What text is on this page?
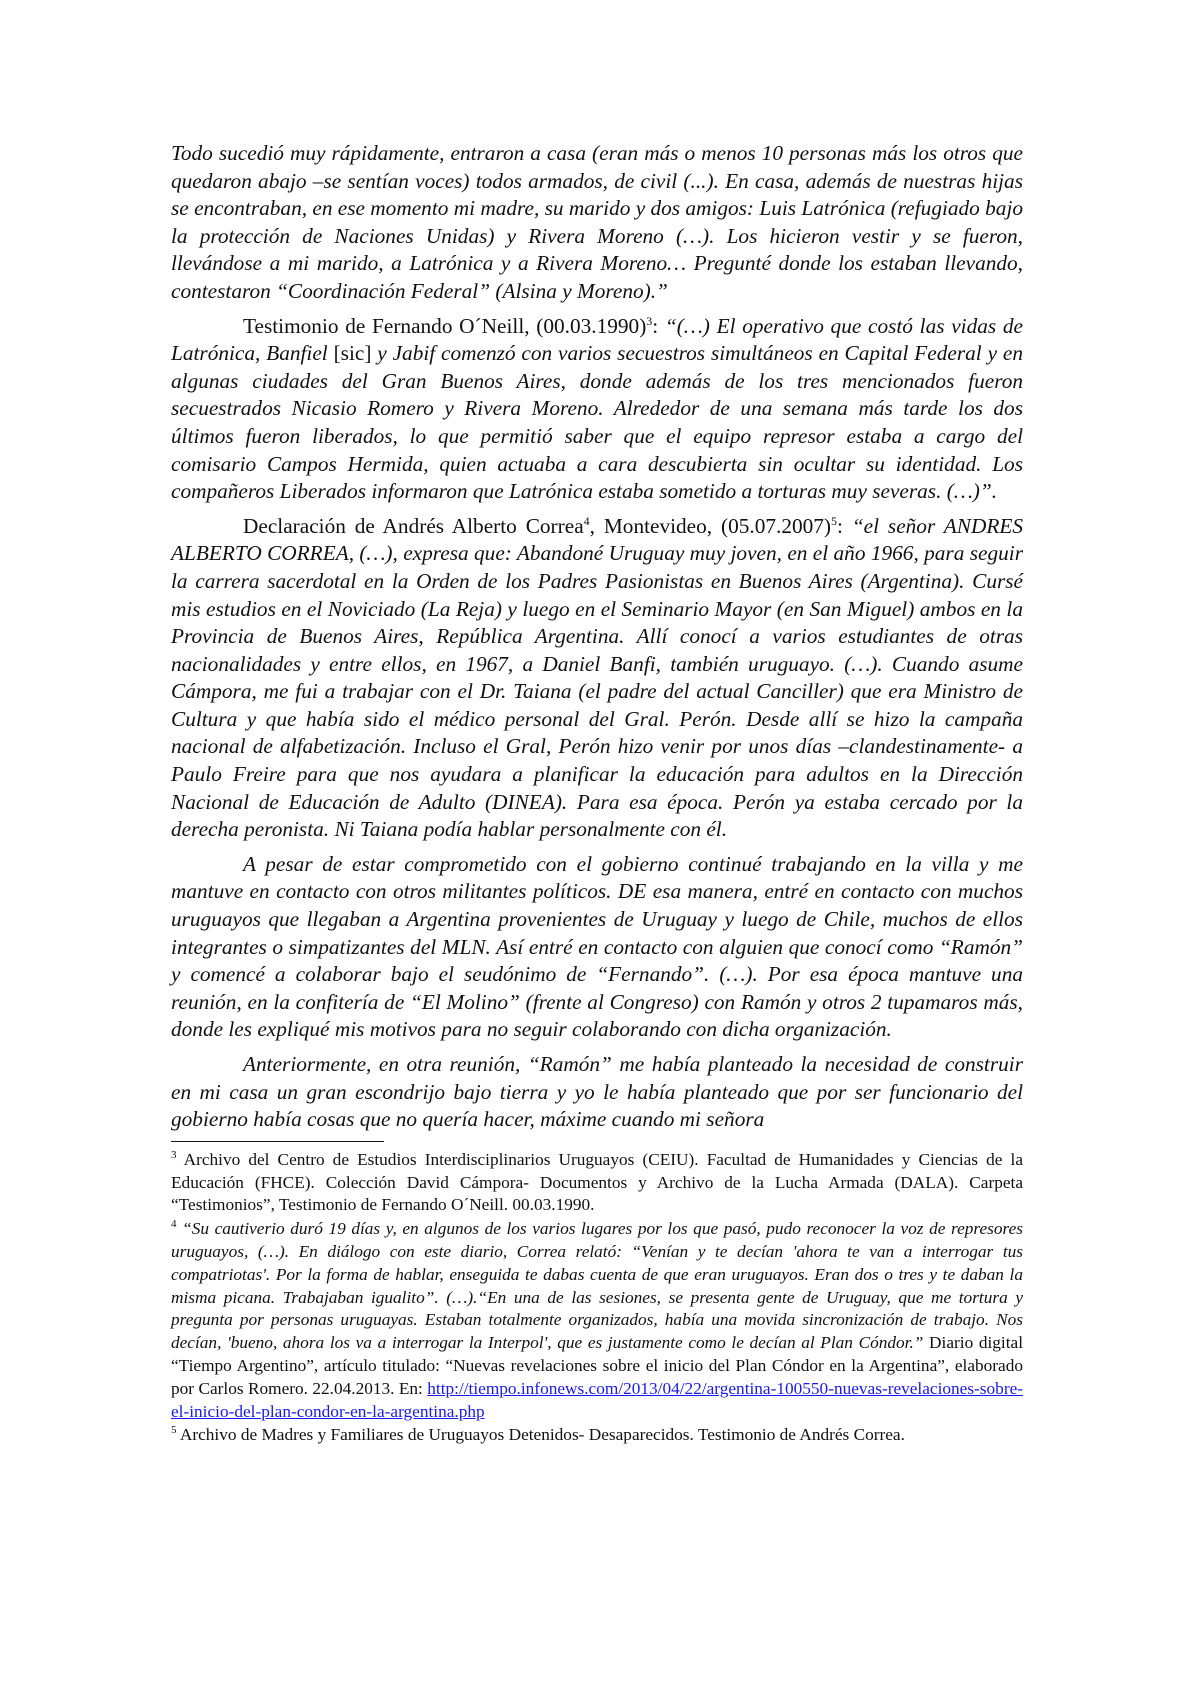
Todo sucedió muy rápidamente, entraron a casa (eran más o menos 10 personas más los otros que quedaron abajo –se sentían voces) todos armados, de civil (...). En casa, además de nuestras hijas se encontraban, en ese momento mi madre, su marido y dos amigos: Luis Latrónica (refugiado bajo la protección de Naciones Unidas) y Rivera Moreno (…). Los hicieron vestir y se fueron, llevándose a mi marido, a Latrónica y a Rivera Moreno… Pregunté donde los estaban llevando, contestaron “Coordinación Federal” (Alsina y Moreno).”

Testimonio de Fernando O´Neill, $(00.03.1990)^3$: “(…) El operativo que costó las vidas de Latrónica, Banfiel [sic] y Jabif comenzó con varios secuestros simultáneos en Capital Federal y en algunas ciudades del Gran Buenos Aires, donde además de los tres mencionados fueron secuestrados Nicasio Romero y Rivera Moreno. Alrededor de una semana más tarde los dos últimos fueron liberados, lo que permitió saber que el equipo represor estaba a cargo del comisario Campos Hermida, quien actuaba a cara descubierta sin ocultar su identidad. Los compañeros Liberados informaron que Latrónica estaba sometido a torturas muy severas. (…)”.

Declaración de Andrés Alberto Correa$^4$, Montevideo, $(05.07.2007)^5$: “el señor ANDRES ALBERTO CORREA, (…), expresa que: Abandoné Uruguay muy joven, en el año 1966, para seguir la carrera sacerdotal en la Orden de los Padres Pasionistas en Buenos Aires (Argentina). Cursé mis estudios en el Noviciado (La Reja) y luego en el Seminario Mayor (en San Miguel) ambos en la Provincia de Buenos Aires, República Argentina. Allí conocí a varios estudiantes de otras nacionalidades y entre ellos, en 1967, a Daniel Banfi, también uruguayo. (…). Cuando asume Cámpora, me fui a trabajar con el Dr. Taiana (el padre del actual Canciller) que era Ministro de Cultura y que había sido el médico personal del Gral. Perón. Desde allí se hizo la campaña nacional de alfabetización. Incluso el Gral, Perón hizo venir por unos días –clandestinamente- a Paulo Freire para que nos ayudara a planificar la educación para adultos en la Dirección Nacional de Educación de Adulto (DINEA). Para esa época. Perón ya estaba cercado por la derecha peronista. Ni Taiana podía hablar personalmente con él.

A pesar de estar comprometido con el gobierno continué trabajando en la villa y me mantuve en contacto con otros militantes políticos. DE esa manera, entré en contacto con muchos uruguayos que llegaban a Argentina provenientes de Uruguay y luego de Chile, muchos de ellos integrantes o simpatizantes del MLN. Así entré en contacto con alguien que conocí como “Ramón” y comencé a colaborar bajo el seudónimo de “Fernando”. (…). Por esa época mantuve una reunión, en la confitería de “El Molino” (frente al Congreso) con Ramón y otros 2 tupamaros más, donde les expliqué mis motivos para no seguir colaborando con dicha organización.

Anteriormente, en otra reunión, “Ramón” me había planteado la necesidad de construir en mi casa un gran escondrijo bajo tierra y yo le había planteado que por ser funcionario del gobierno había cosas que no quería hacer, máxime cuando mi señora

$^3$ Archivo del Centro de Estudios Interdisciplinarios Uruguayos (CEIU). Facultad de Humanidades y Ciencias de la Educación (FHCE). Colección David Cámpora- Documentos y Archivo de la Lucha Armada (DALA). Carpeta “Testimonios”, Testimonio de Fernando O´Neill. 00.03.1990.

$^4$ “Su cautiverio duró 19 días y, en algunos de los varios lugares por los que pasó, pudo reconocer la voz de represores uruguayos, (…). En diálogo con este diario, Correa relató: “Venían y te decían 'ahora te van a interrogar tus compatriotas'. Por la forma de hablar, enseguida te dabas cuenta de que eran uruguayos. Eran dos o tres y te daban la misma picana. Trabajaban igualito”. (…).“En una de las sesiones, se presenta gente de Uruguay, que me tortura y pregunta por personas uruguayas. Estaban totalmente organizados, había una movida sincronización de trabajo. Nos decían, 'bueno, ahora los va a interrogar la Interpol', que es justamente como le decían al Plan Cóndor.” Diario digital “Tiempo Argentino”, artículo titulado: “Nuevas revelaciones sobre el inicio del Plan Cóndor en la Argentina”, elaborado por Carlos Romero. 22.04.2013. En: http://tiempo.infonews.com/2013/04/22/argentina-100550-nuevas-revelaciones-sobre-el-inicio-del-plan-condor-en-la-argentina.php

$^5$ Archivo de Madres y Familiares de Uruguayos Detenidos- Desaparecidos. Testimonio de Andrés Correa.
